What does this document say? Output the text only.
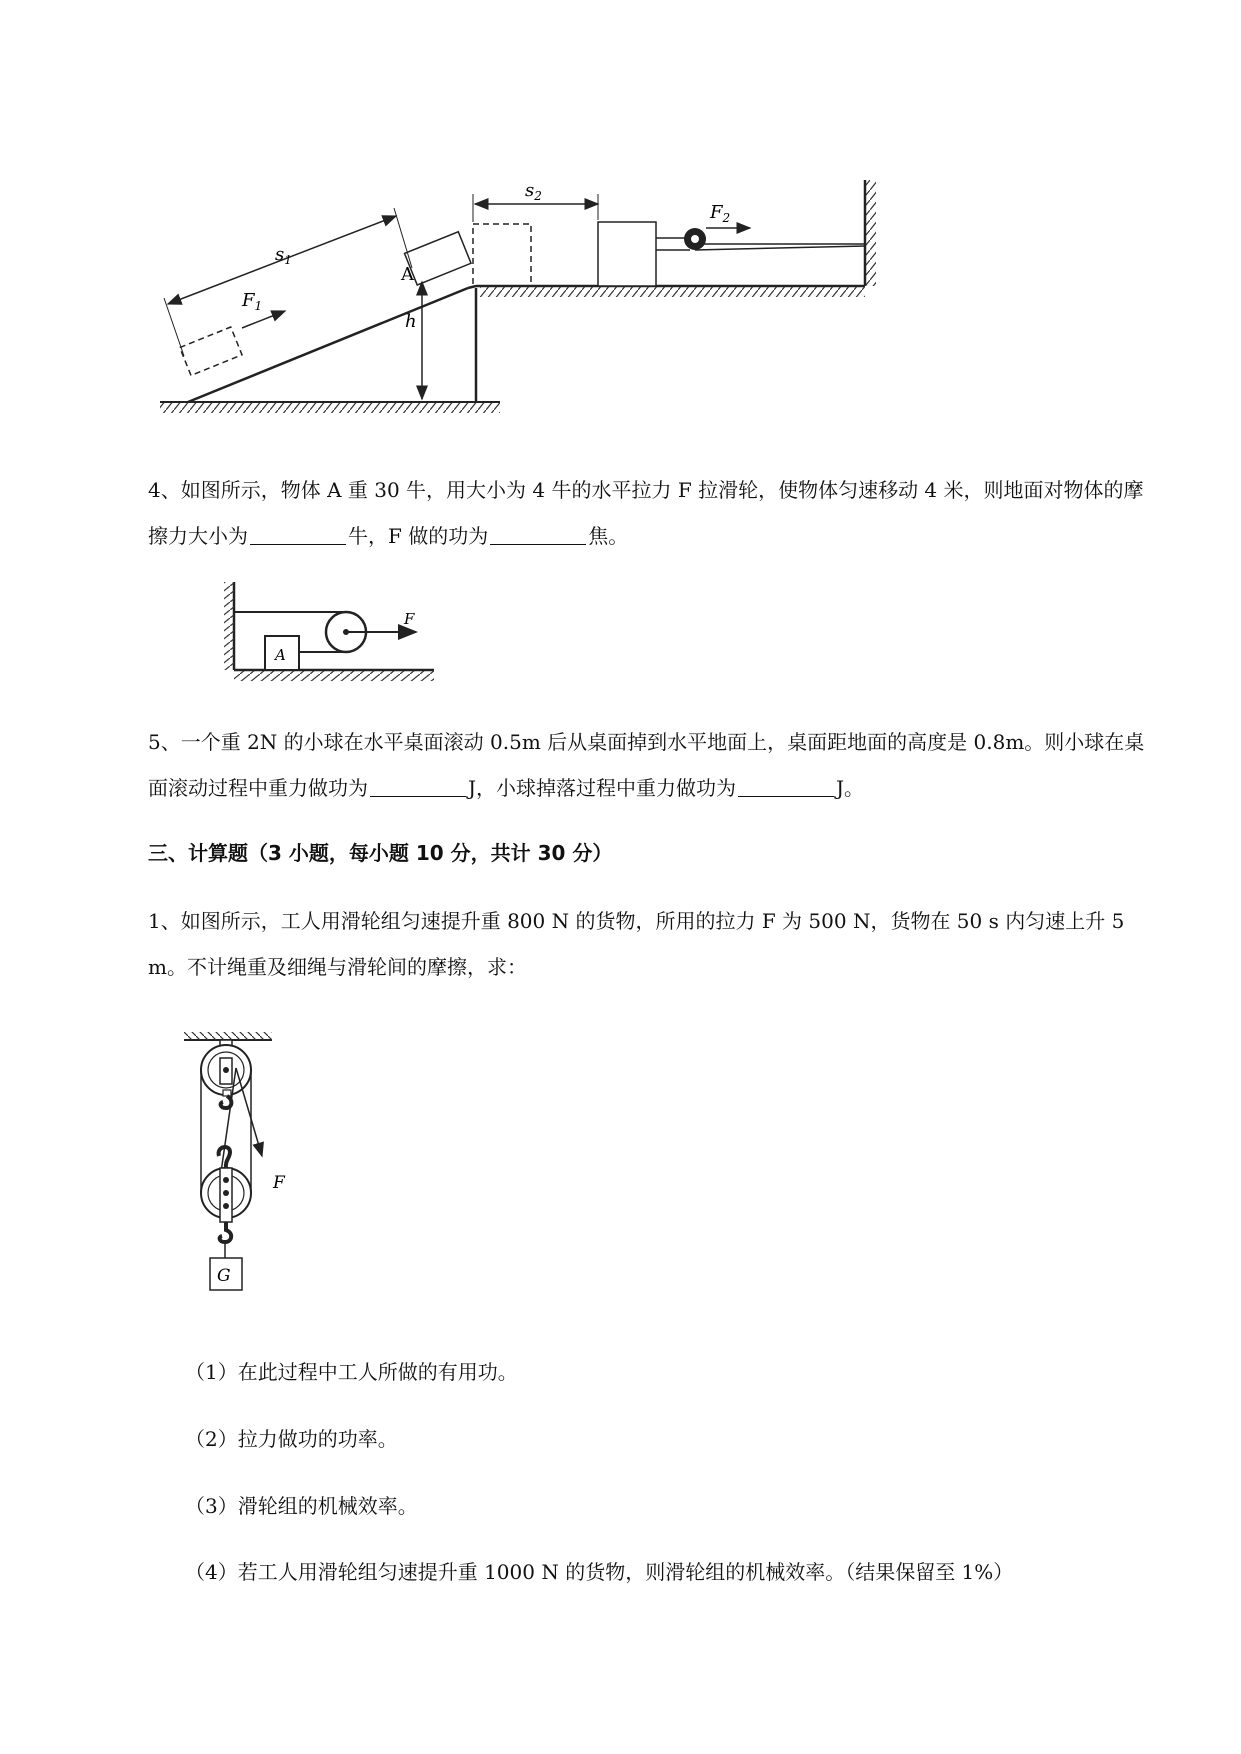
$s_1$
$F_1$
A
h
$s_2$
$F_2$

4、如图所示，物体 A 重 30 牛，用大小为 4 牛的水平拉力 F 拉滑轮，使物体匀速移动 4 米，则地面对物体的摩擦力大小为	牛，F 做的功为	焦。

A
F

5、一个重 2N 的小球在水平桌面滚动 0.5m 后从桌面掉到水平地面上，桌面距地面的高度是 0.8m。则小球在桌面滚动过程中重力做功为	J，小球掉落过程中重力做功为	J。

三、计算题（3 小题，每小题 10 分，共计 30 分）

1、如图所示，工人用滑轮组匀速提升重 800 N 的货物，所用的拉力 F 为 500 N，货物在 50 s 内匀速上升 5 m。不计绳重及细绳与滑轮间的摩擦，求：

F
G

（1）在此过程中工人所做的有用功。

（2）拉力做功的功率。

（3）滑轮组的机械效率。

（4）若工人用滑轮组匀速提升重 1000 N 的货物，则滑轮组的机械效率。（结果保留至 1%）
